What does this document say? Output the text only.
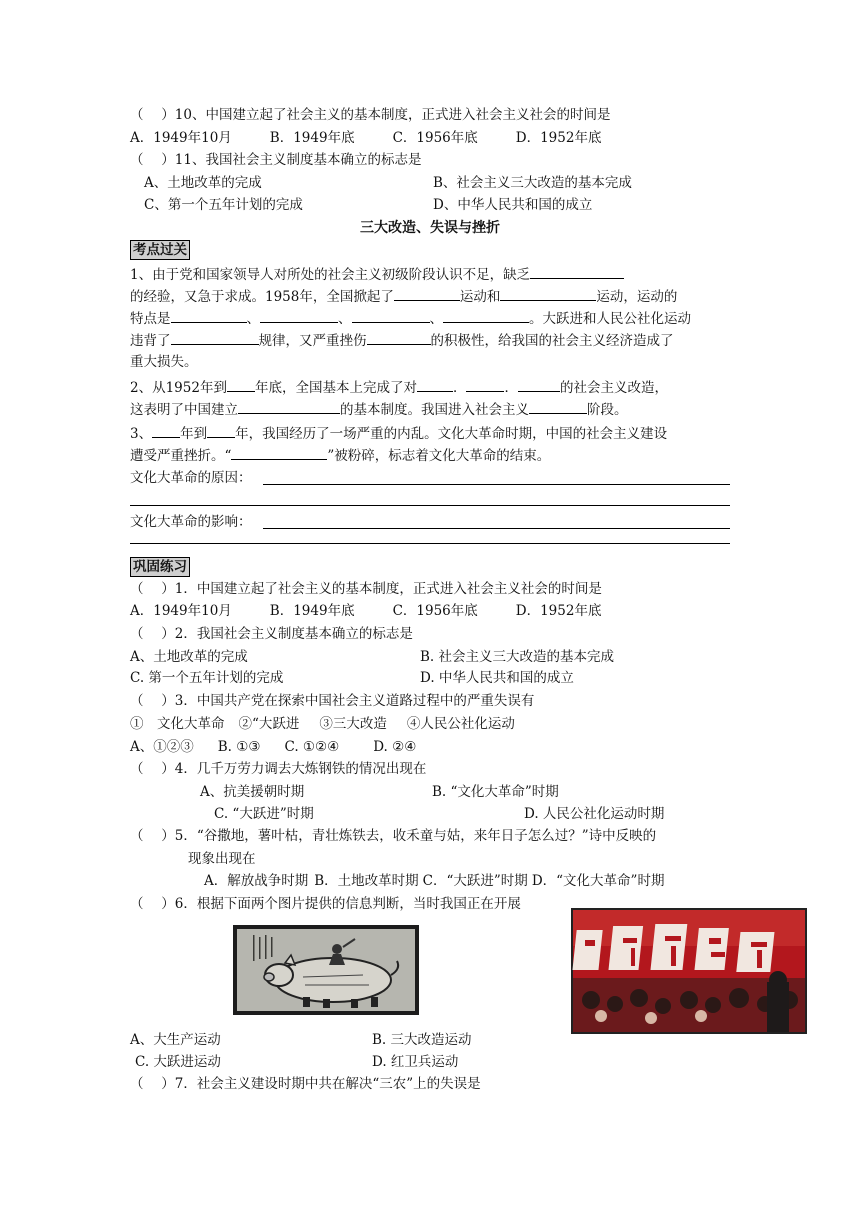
（　 ）10、中国建立起了社会主义的基本制度，正式进入社会主义社会的时间是
A．1949年10月	B．1949年底	C．1956年底	D．1952年底
（　 ）11、我国社会主义制度基本确立的标志是
A、土地改革的完成	B、社会主义三大改造的基本完成
C、第一个五年计划的完成	D、中华人民共和国的成立
三大改造、失误与挫折
考点过关
1、由于党和国家领导人对所处的社会主义初级阶段认识不足，缺乏
的经验，又急于求成。1958年，全国掀起了	运动和	运动，运动的
特点是	、	、	、	。大跃进和人民公社化运动
违背了	规律，又严重挫伤	的积极性，给我国的社会主义经济造成了
重大损失。
2、从1952年到 年底，全国基本上完成了对	．	．	的社会主义改造，
这表明了中国建立	的基本制度。我国进入社会主义	阶段。
3、 年到 年，我国经历了一场严重的内乱。文化大革命时期，中国的社会主义建设
遭受严重挫折。“	”被粉碎，标志着文化大革命的结束。
文化大革命的原因：
文化大革命的影响：
巩固练习
（　 ）1．中国建立起了社会主义的基本制度，正式进入社会主义社会的时间是
A．1949年10月	B．1949年底	C．1956年底	D．1952年底
（　 ）2．我国社会主义制度基本确立的标志是
A、土地改革的完成	B. 社会主义三大改造的基本完成
C. 第一个五年计划的完成	D. 中华人民共和国的成立
（　 ）3．中国共产党在探索中国社会主义道路过程中的严重失误有
①　文化大革命 ②“大跃进 ③三大改造 ④人民公社化运动
A、①②③ B. ①③ C. ①②④	D. ②④
（　 ）4．几千万劳力调去大炼钢铁的情况出现在
A、抗美援朝时期	B. “文化大革命”时期
C. “大跃进”时期	D. 人民公社化运动时期
（　 ）5．“谷撒地，薯叶枯，青壮炼铁去，收禾童与姑，来年日子怎么过？”诗中反映的
现象出现在
A．解放战争时期 B．土地改革时期 C．“大跃进”时期 D．“文化大革命”时期
（　 ）6．根据下面两个图片提供的信息判断，当时我国正在开展
A、大生产运动	B. 三大改造运动
C. 大跃进运动	D. 红卫兵运动
（　 ）7．社会主义建设时期中共在解决“三农”上的失误是
